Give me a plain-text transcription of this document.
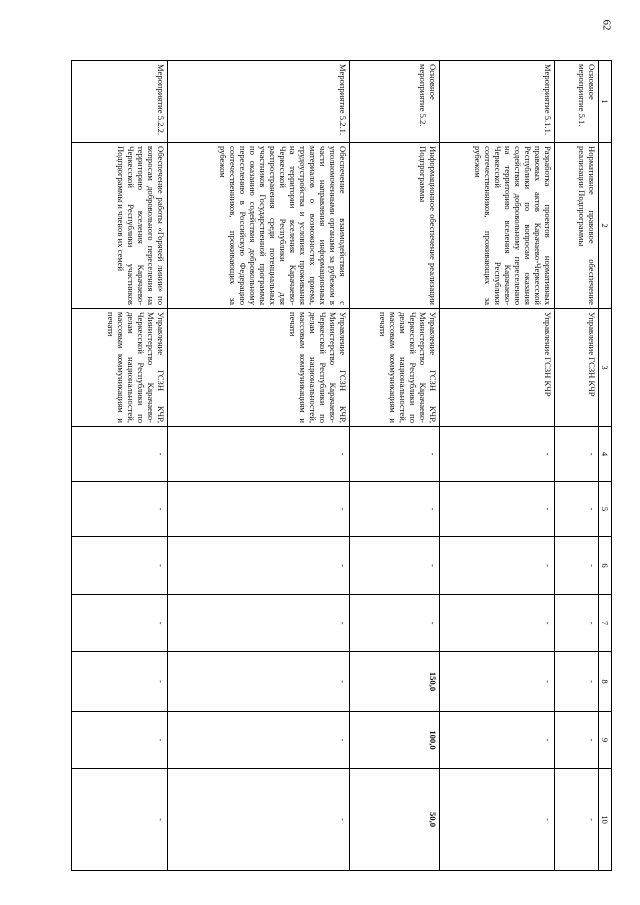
62
1	2	3	4	5	6	7	8	9	10
Основное мероприятие 5.1.	Нормативное правовое обеспечение реализации Подпрограммы	Управление ГСЗН КЧР	-	-	-	-	-	-	-
Мероприятие 5.1.1.	Разработка проектов нормативных правовых актов Карачаево-Черкесской Республики по вопросам оказания содействия добровольному переселению на территорию вселения Карачаево-Черкесской Республики соотечественников, проживающих за рубежом	Управление ГСЗН КЧР	-	-	-	-	-	-	-
Основное мероприятие 5.2.	Информационное обеспечение реализации Подпрограммы	Управление ГСЗН КЧР, Министерство Карачаево-Черкесской Республики по делам национальностей, массовым коммуникациям и печати	-	-	-	-	150,0	100,0	50,0
Мероприятие 5.2.1.	Обеспечение взаимодействия с уполномоченными органами за рубежом в части направления информационных материалов о возможностях приема, трудоустройства и условиях проживания на территории вселения Карачаево-Черкесской Республики для распространения среди потенциальных участников Государственной программы по оказанию содействия добровольному переселению в Российскую Федерацию соотечественников, проживающих за рубежом	Управление ГСЗН КЧР, Министерство Карачаево-Черкесской Республики по делам национальностей, массовым коммуникациям и печати	-	-	-	-	-	-	-
Мероприятие 5.2.2.	Обеспечение работы «Горячей линии» по вопросам добровольного переселения на территорию вселения Карачаево-Черкесской Республики участников Подпрограммы и членов их семей	Управление ГСЗН КЧР, Министерство Карачаево-Черкесской Республики по делам национальностей, массовым коммуникациям и печати	-	-	-	-	-	-	-
